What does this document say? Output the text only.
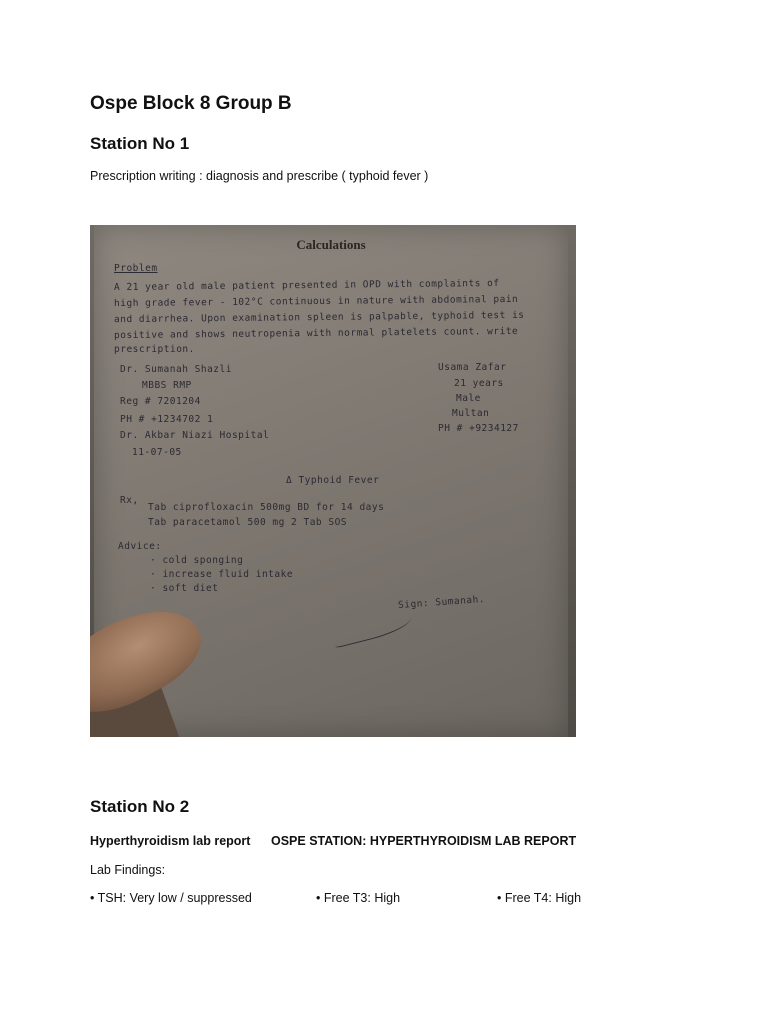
Ospe Block 8 Group B
Station No 1
Prescription writing : diagnosis and prescribe ( typhoid fever )
Calculations
Problem
A 21 year old male patient presented in OPD with complaints of
high grade fever - 102°C continuous in nature with abdominal pain
and diarrhea. Upon examination spleen is palpable, typhoid test is
positive and shows neutropenia with normal platelets count. write
prescription.
Dr. Sumanah Shazli
MBBS RMP
Reg # 7201204
PH # +1234702 1
Dr. Akbar Niazi Hospital
11-07-05
Usama Zafar
21 years
Male
Multan
PH # +9234127
Δ Typhoid Fever
Rx,
Tab ciprofloxacin 500mg BD for 14 days
Tab paracetamol 500 mg 2 Tab SOS
Advice:
· cold sponging
· increase fluid intake
· soft diet
Sign: Sumanah.
Station No 2
Hyperthyroidism lab report OSPE STATION: HYPERTHYROIDISM LAB REPORT
Lab Findings:
• TSH: Very low / suppressed	• Free T3: High	• Free T4: High
